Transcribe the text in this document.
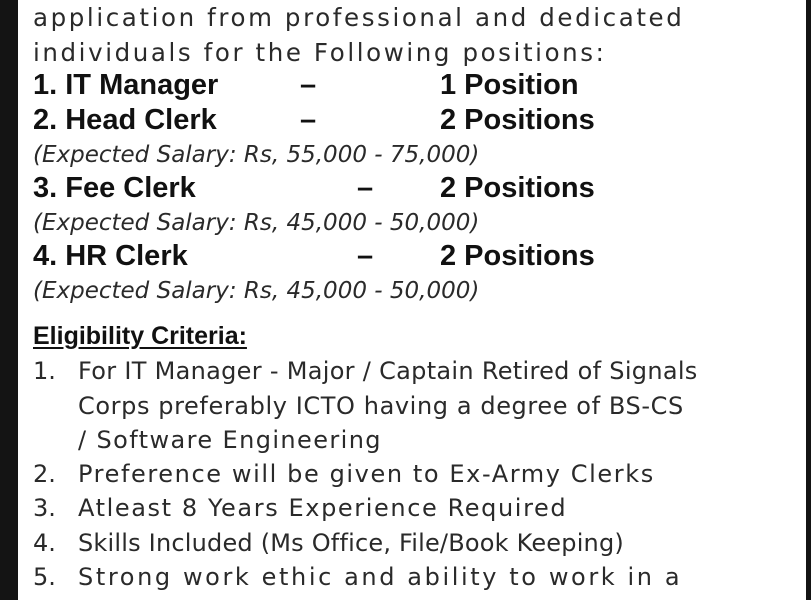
application from professional and dedicated
individuals for the Following positions:
1. IT Manager	–	1 Position
2. Head Clerk	–	2 Positions
(Expected Salary: Rs, 55,000 - 75,000)
3. Fee Clerk	– 2 Positions
(Expected Salary: Rs, 45,000 - 50,000)
4. HR Clerk	– 2 Positions
(Expected Salary: Rs, 45,000 - 50,000)
Eligibility Criteria:
1. For IT Manager - Major / Captain Retired of Signals
Corps preferably ICTO having a degree of BS-CS
/ Software Engineering
2. Preference will be given to Ex-Army Clerks
3. Atleast 8 Years Experience Required
4. Skills Included (Ms Office, File/Book Keeping)
5. Strong work ethic and ability to work in a
